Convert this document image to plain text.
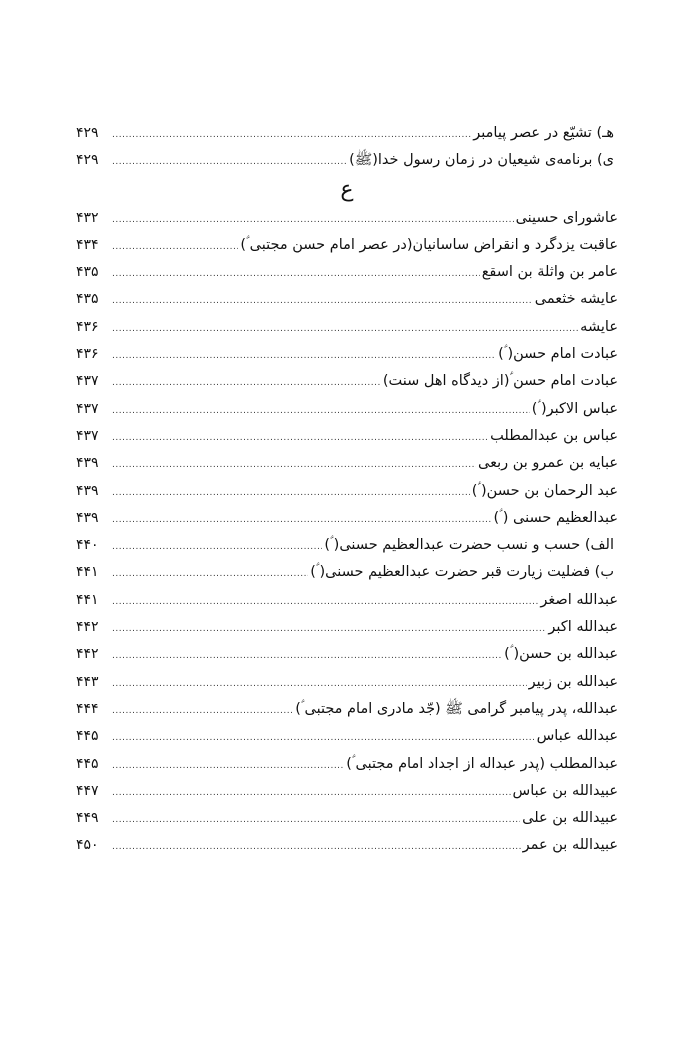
هـ) تشیّع در عصر پیامبر
.....
۴۲۹
ی) برنامه‌ی شیعیان در زمان رسول خدا(ﷺ)
.....
۴۲۹
ع
عاشورای حسینی
.....
۴۳۲
عاقبت یزدگرد و انقراض ساسانیان(در عصر امام حسن مجتبی ؑ)
.....
۴۳۴
عامر بن واثلة بن اسقع
.....
۴۳۵
عایشه خثعمی
.....
۴۳۵
عایشه
.....
۴۳۶
عبادت امام حسن( ؑ)
.....
۴۳۶
عبادت امام حسن ؑ(از دیدگاه اهل سنت)
.....
۴۳۷
عباس الاکبر( ؑ)
.....
۴۳۷
عباس بن عبدالمطلب
.....
۴۳۷
عبایه بن عمرو بن ربعی
.....
۴۳۹
عبد الرحمان بن حسن( ؑ)
.....
۴۳۹
عبدالعظیم حسنی ( ؑ)
.....
۴۳۹
الف) حسب و نسب حضرت عبدالعظیم حسنی( ؑ)
.....
۴۴۰
ب) فضلیت زیارت قبر حضرت عبدالعظیم حسنی( ؑ)
.....
۴۴۱
عبدالله اصغر
.....
۴۴۱
عبدالله اکبر
.....
۴۴۲
عبدالله بن حسن( ؑ)
.....
۴۴۲
عبدالله بن زبیر
.....
۴۴۳
عبدالله، پدر پیامبر گرامی ﷺ (جّد مادری امام مجتبی ؑ)
.....
۴۴۴
عبدالله عباس
.....
۴۴۵
عبدالمطلب (پدر عبداله از اجداد امام مجتبی ؑ)
.....
۴۴۵
عبیدالله بن عباس
.....
۴۴۷
عبیدالله بن علی
.....
۴۴۹
عبیدالله بن عمر
.....
۴۵۰
